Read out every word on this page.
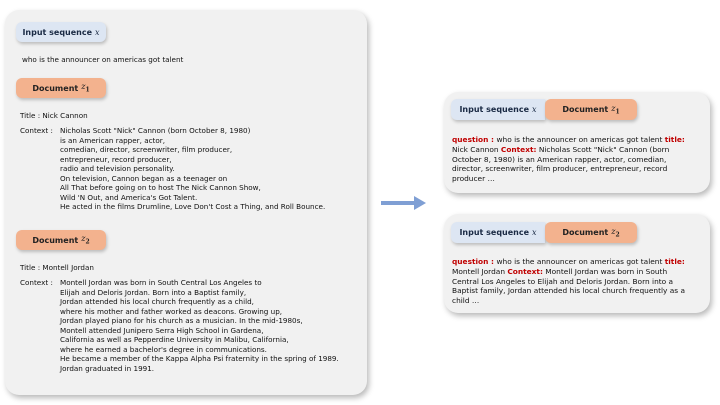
Input sequence x
who is the announcer on americas got talent
Document $z_1$
Title : Nick Cannon
Context : Nicholas Scott "Nick" Cannon (born October 8, 1980)
is an American rapper, actor,
comedian, director, screenwriter, film producer,
entrepreneur, record producer,
radio and television personality.
On television, Cannon began as a teenager on
All That before going on to host The Nick Cannon Show,
Wild 'N Out, and America's Got Talent.
He acted in the films Drumline, Love Don't Cost a Thing, and Roll Bounce.
Document $z_2$
Title : Montell Jordan
Context : Montell Jordan was born in South Central Los Angeles to
Elijah and Deloris Jordan. Born into a Baptist family,
Jordan attended his local church frequently as a child,
where his mother and father worked as deacons. Growing up,
Jordan played piano for his church as a musician. In the mid-1980s,
Montell attended Junipero Serra High School in Gardena,
California as well as Pepperdine University in Malibu, California,
where he earned a bachelor's degree in communications.
He became a member of the Kappa Alpha Psi fraternity in the spring of 1989.
Jordan graduated in 1991.
Input sequence x	Document $z_1$
question : who is the announcer on americas got talent title:
Nick Cannon Context: Nicholas Scott "Nick" Cannon (born
October 8, 1980) is an American rapper, actor, comedian,
director, screenwriter, film producer, entrepreneur, record
producer …
Input sequence x	Document $z_2$
question : who is the announcer on americas got talent title:
Montell Jordan Context: Montell Jordan was born in South
Central Los Angeles to Elijah and Deloris Jordan. Born into a
Baptist family, Jordan attended his local church frequently as a
child …
